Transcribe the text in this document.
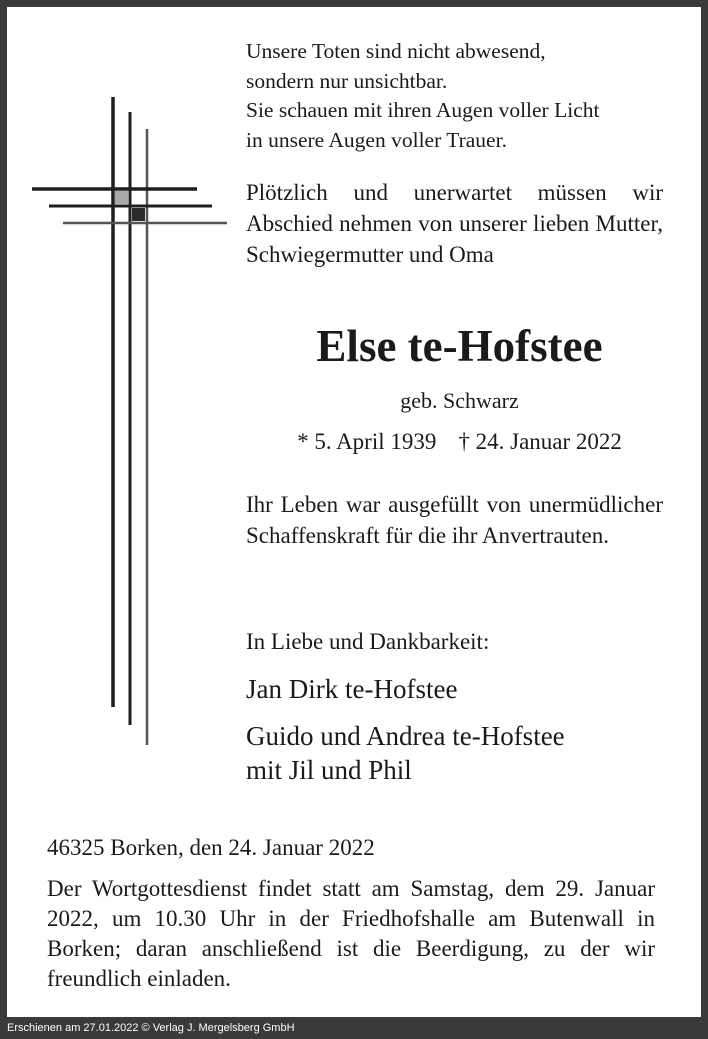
Unsere Toten sind nicht abwesend,
sondern nur unsichtbar.
Sie schauen mit ihren Augen voller Licht
in unsere Augen voller Trauer.
Plötzlich und unerwartet müssen wir Abschied nehmen von unserer lieben Mutter, Schwiegermutter und Oma
Else te-Hofstee
geb. Schwarz
* 5. April 1939 † 24. Januar 2022
Ihr Leben war ausgefüllt von unermüdlicher Schaffenskraft für die ihr Anvertrauten.
In Liebe und Dankbarkeit:
Jan Dirk te-Hofstee
Guido und Andrea te-Hofstee
mit Jil und Phil
46325 Borken, den 24. Januar 2022
Der Wortgottesdienst findet statt am Samstag, dem 29. Januar 2022, um 10.30 Uhr in der Friedhofshalle am Butenwall in Borken; daran anschließend ist die Beerdigung, zu der wir freundlich einladen.
Erschienen am 27.01.2022 © Verlag J. Mergelsberg GmbH
